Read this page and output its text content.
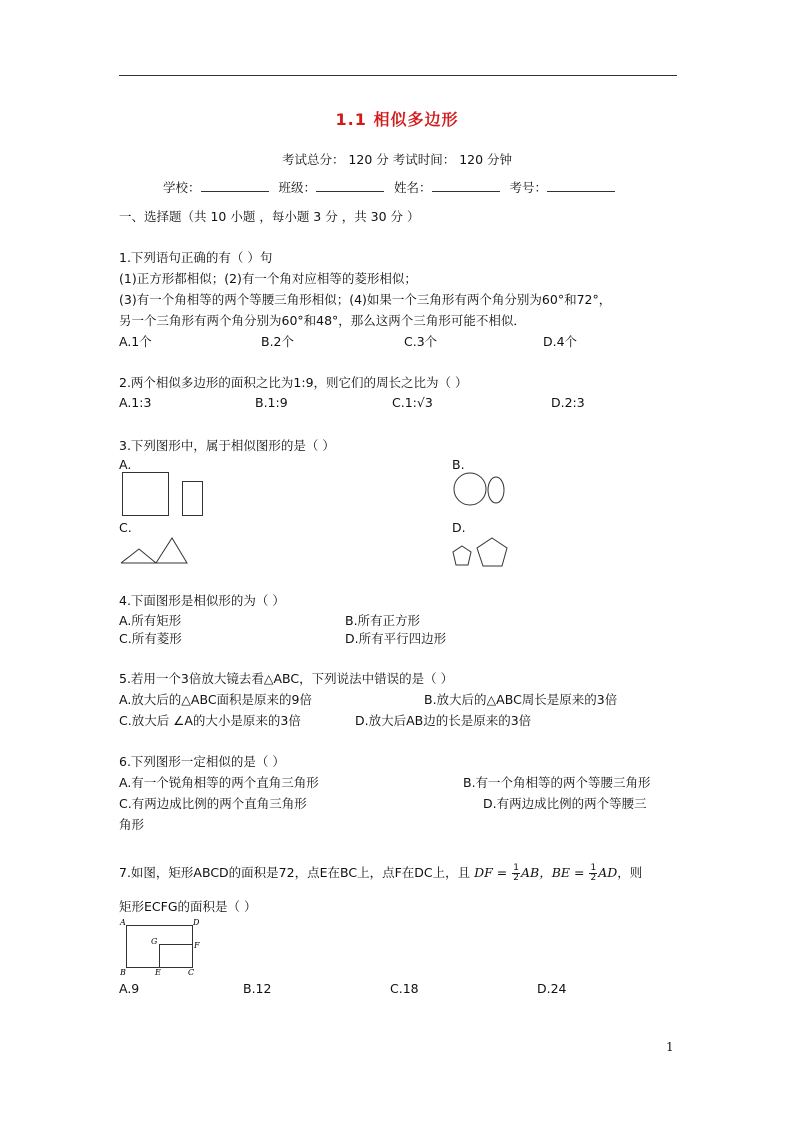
1.1 相似多边形
考试总分： 120 分 考试时间： 120 分钟
学校：	班级：	姓名：	考号：
一、选择题（共 10 小题 ，每小题 3 分 ，共 30 分 ）
1.下列语句正确的有（ ）句
(1)正方形都相似；(2)有一个角对应相等的菱形相似；
(3)有一个角相等的两个等腰三角形相似；(4)如果一个三角形有两个角分别为60°和72°，
另一个三角形有两个角分别为60°和48°，那么这两个三角形可能不相似．
A.1个	B.2个	C.3个	D.4个
2.两个相似多边形的面积之比为1:9，则它们的周长之比为（ ）
A.1:3	B.1:9	C.1:√3	D.2:3
3.下列图形中，属于相似图形的是（ ）
A.	B.
C.	D.
4.下面图形是相似形的为（ ）
A.所有矩形	B.所有正方形
C.所有菱形	D.所有平行四边形
5.若用一个3倍放大镜去看△ABC，下列说法中错误的是（ ）
A.放大后的△ABC面积是原来的9倍	B.放大后的△ABC周长是原来的3倍
C.放大后 ∠A的大小是原来的3倍	D.放大后AB边的长是原来的3倍
6.下列图形一定相似的是（ ）
A.有一个锐角相等的两个直角三角形	B.有一个角相等的两个等腰三角形
C.有两边成比例的两个直角三角形	D.有两边成比例的两个等腰三
角形
7.如图，矩形ABCD的面积是72，点E在BC上，点F在DC上，且 DF = $\frac{1}{2}$ AB，BE = $\frac{1}{2}$ AD，则
矩形ECFG的面积是（ ）
A	D
G	F
B	E	C
A.9	B.12	C.18	D.24
1
